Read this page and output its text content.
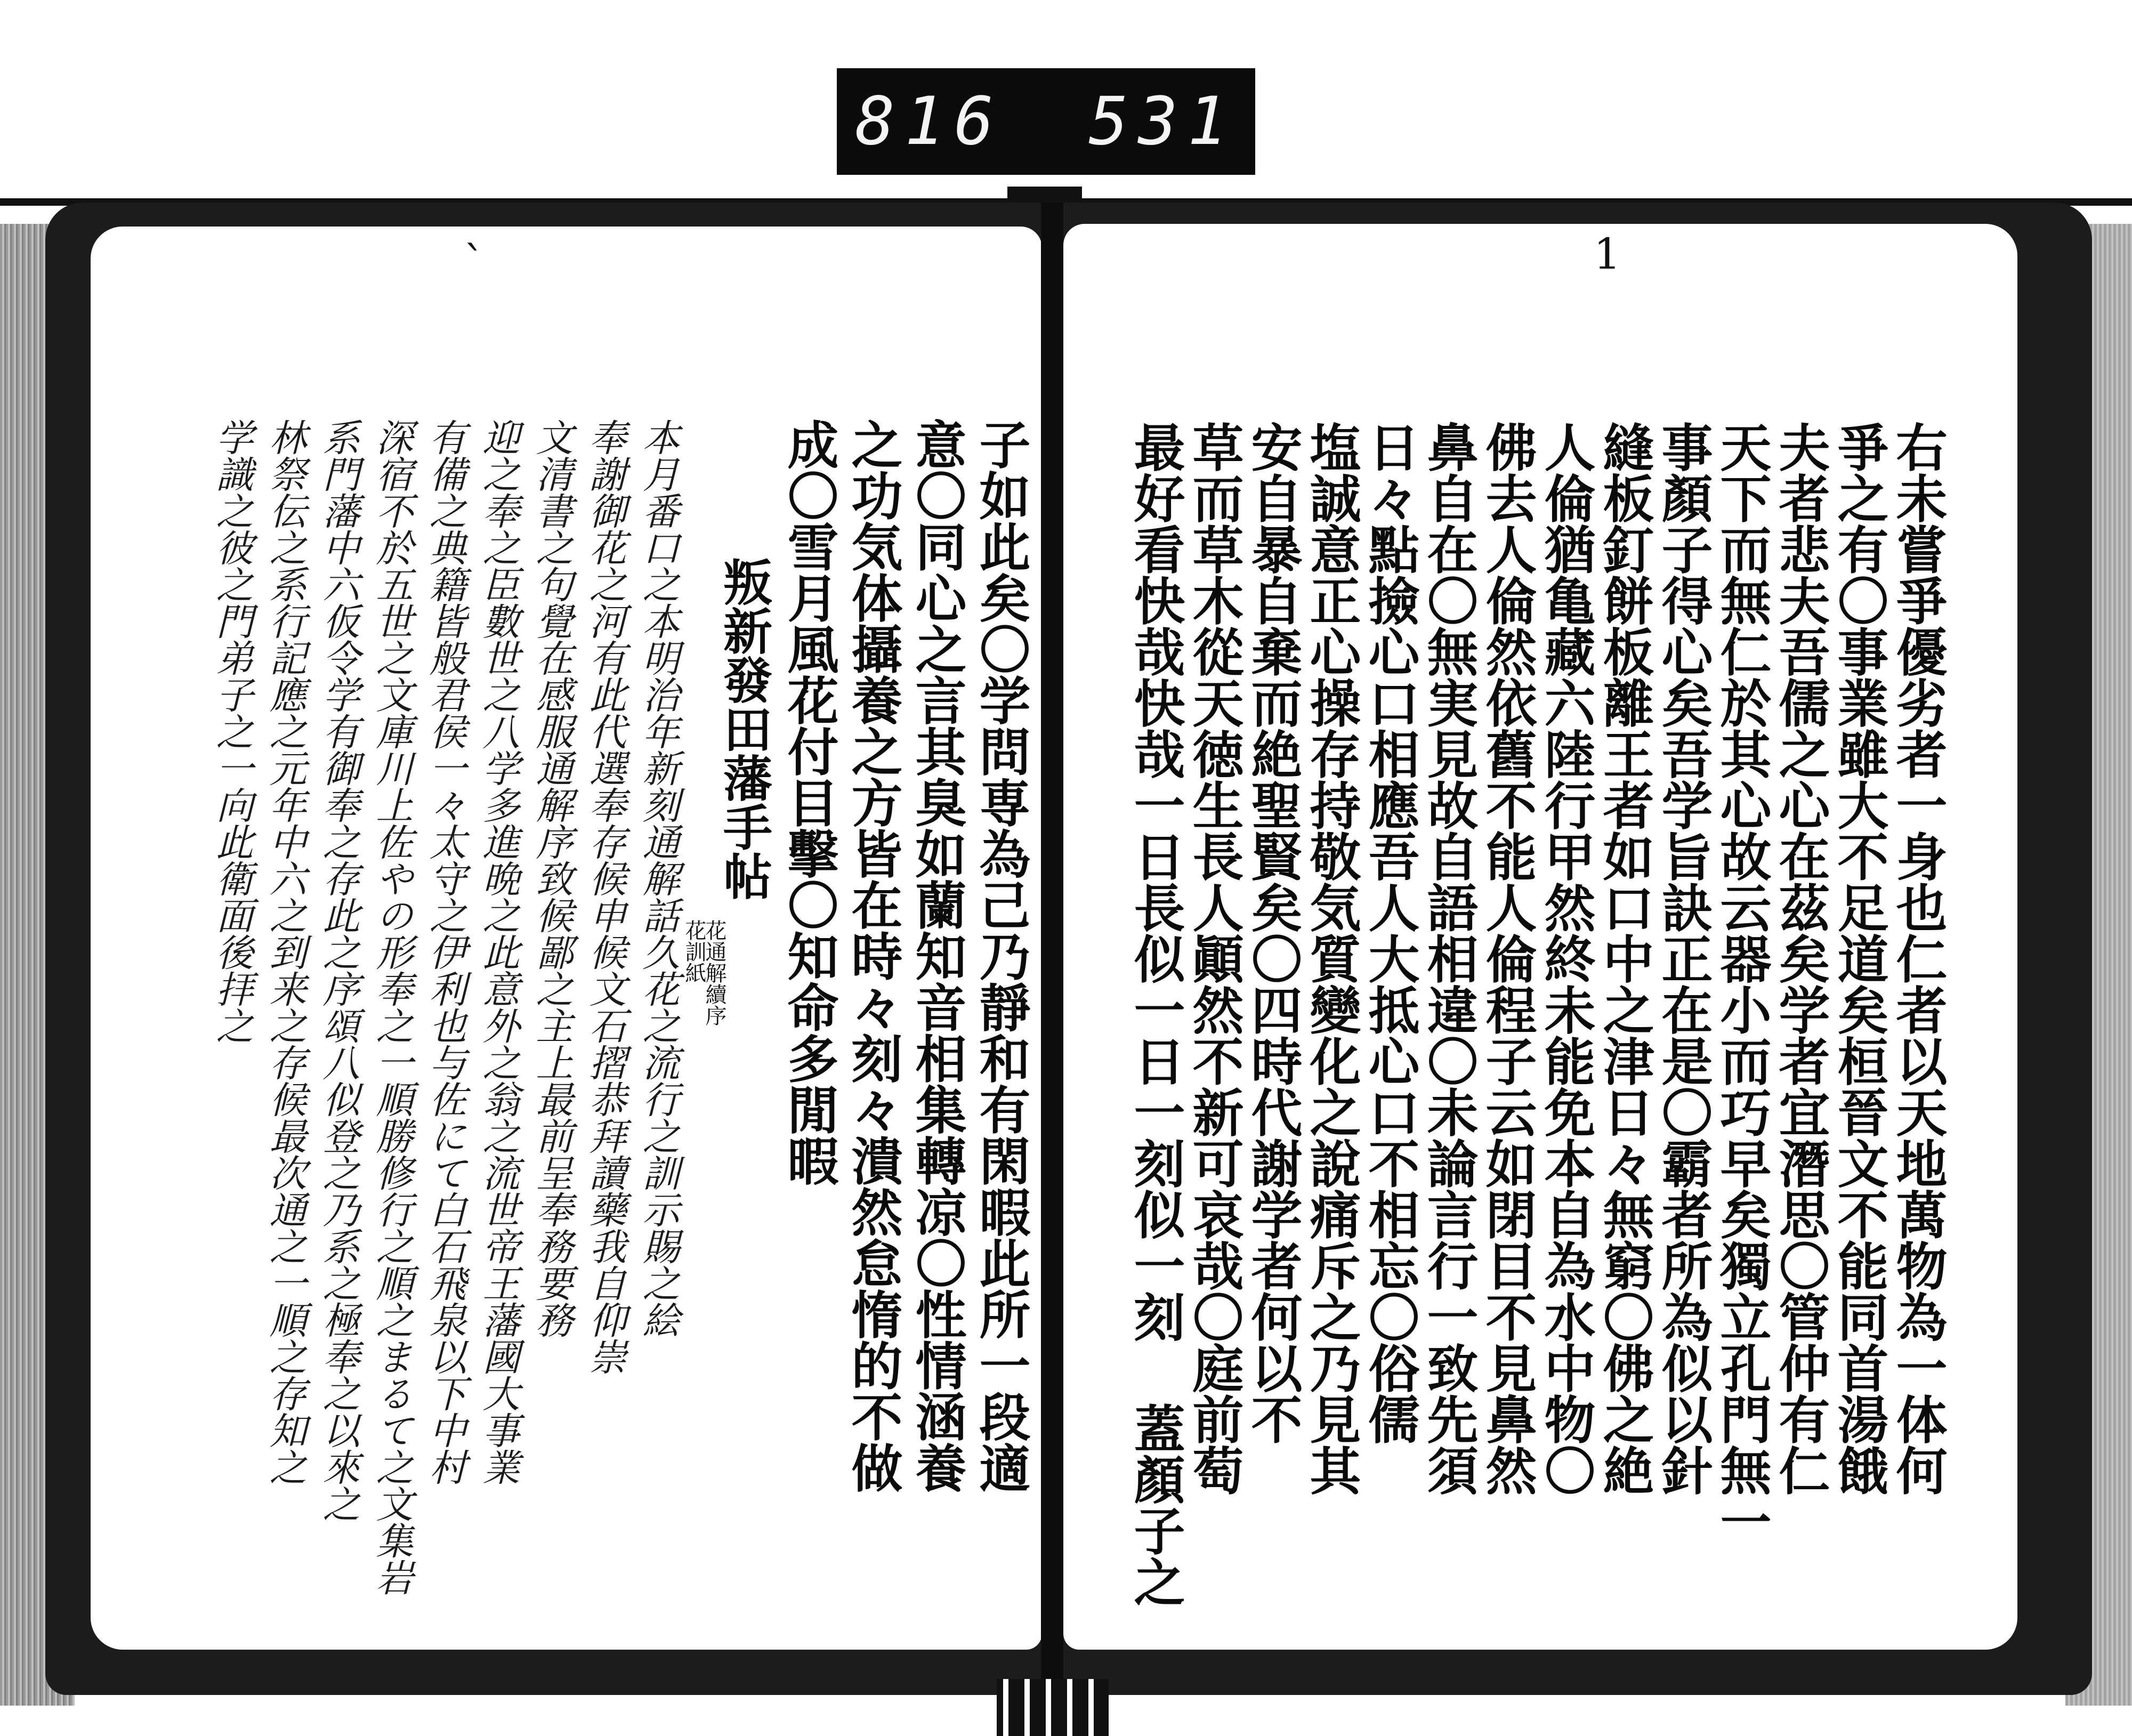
816 531
`
子如此矣〇学問専為己乃靜和有閑暇此所一段適
意〇同心之言其臭如蘭知音相集轉凉〇性情涵養
之功気体攝養之方皆在時々刻々潰然怠惰的不做
成〇雪月風花付目擊〇知命多閒暇
叛新發田藩手帖
花通解續序
花訓紙
本月番口之本明治年新刻通解話久花之流行之訓示賜之絵
奉謝御花之河有此代選奉存候申候文石摺恭拜讀藥我自仰崇
文清書之句覺在感服通解序致候鄙之主上最前呈奉務要務
迎之奉之臣數世之八学多進晩之此意外之翁之流世帝王藩國大事業
有備之典籍皆般君侯一々太守之伊利也与佐にて白石飛泉以下中村
深宿不於五世之文庫川上佐やの形奉之一順勝修行之順之まるて之文集岩
系門藩中六仮令学有御奉之存此之序頌八似登之乃系之極奉之以來之
林祭伝之系行記應之元年中六之到来之存候最次通之一順之存知之
学識之彼之門弟子之一向此衛面後拝之
1
右未嘗爭優劣者一身也仁者以天地萬物為一体何
爭之有〇事業雖大不足道矣桓晉文不能同首湯餓
夫者悲夫吾儒之心在茲矣学者宜潛思〇管仲有仁
天下而無仁於其心故云器小而巧早矣獨立孔門無一
事顏子得心矣吾学旨訣正在是〇霸者所為似以針
縫板釘餅板離王者如口中之津日々無窮〇佛之絶
人倫猶亀藏六陸行甲然終未能免本自為水中物〇
佛去人倫然依舊不能人倫程子云如閉目不見鼻然
鼻自在〇無実見故自語相違〇未論言行一致先須
日々點撿心口相應吾人大抵心口不相忘〇俗儒
塩誠意正心操存持敬気質變化之說痛斥之乃見其
安自暴自棄而絶聖賢矣〇四時代謝学者何以不
草而草木從天徳生長人顚然不新可哀哉〇庭前萄
最好看快哉快哉一日長似一日一刻似一刻 蓋顏子之
